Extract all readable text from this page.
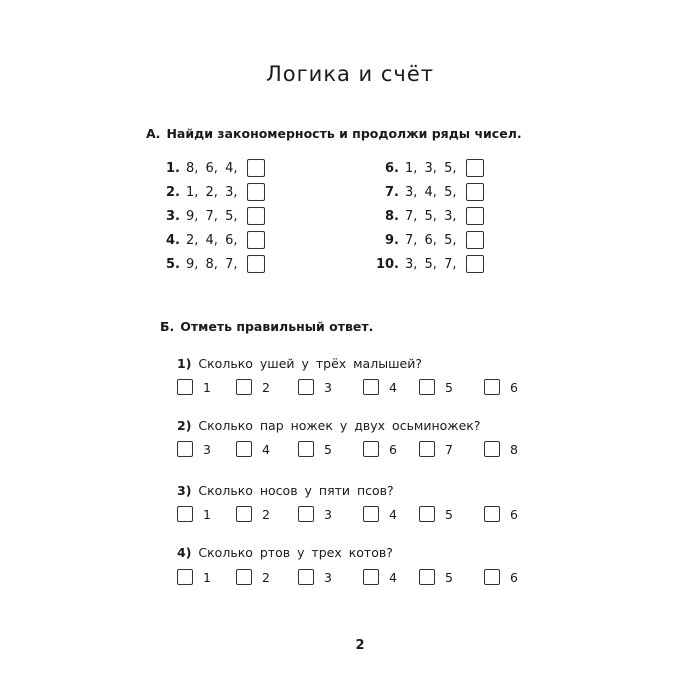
Логика и счёт
А. Найди закономерность и продолжи ряды чисел.
1. 8, 6, 4,
2. 1, 2, 3,
3. 9, 7, 5,
4. 2, 4, 6,
5. 9, 8, 7,
6. 1, 3, 5,
7. 3, 4, 5,
8. 7, 5, 3,
9. 7, 6, 5,
10. 3, 5, 7,
Б. Отметь правильный ответ.
1) Сколько ушей у трёх малышей?
1	2	3	4	5	6
2) Сколько пар ножек у двух осьминожек?
3	4	5	6	7	8
3) Сколько носов у пяти псов?
1	2	3	4	5	6
4) Сколько ртов у трех котов?
1	2	3	4	5	6
2
